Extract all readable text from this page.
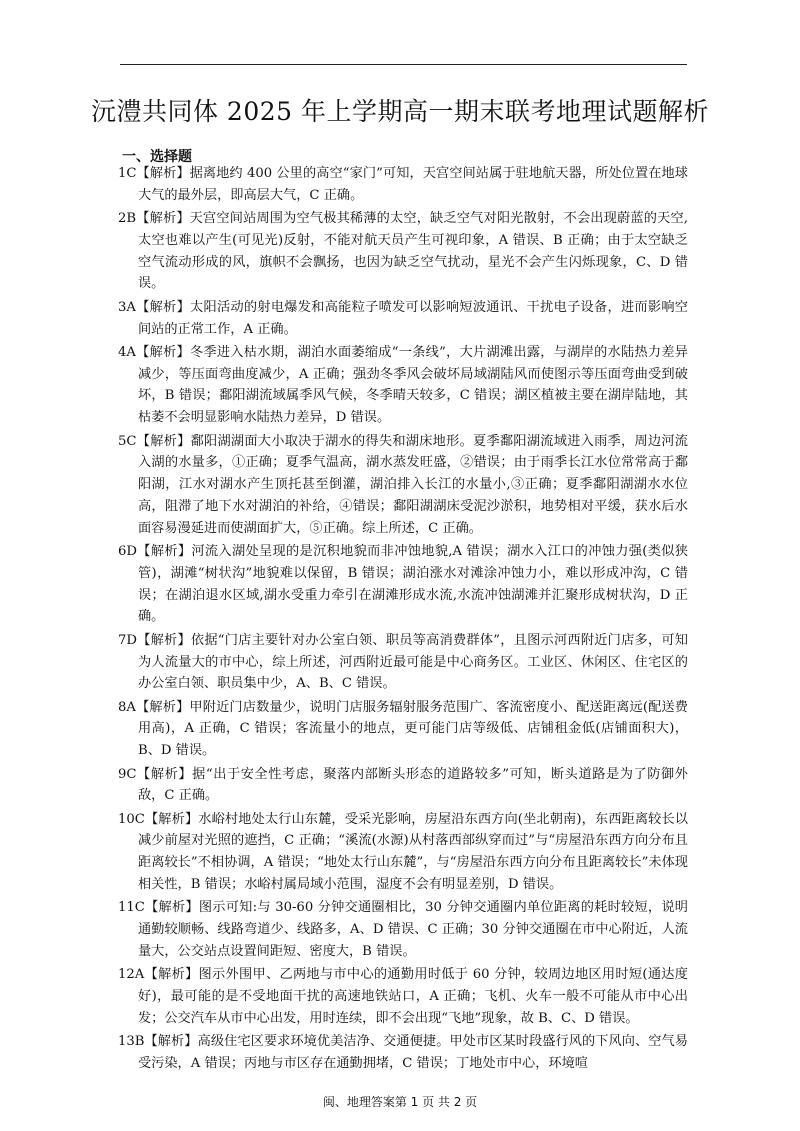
沅澧共同体 2025 年上学期高一期末联考地理试题解析
一、选择题

1C【解析】据离地约 400 公里的高空“家门”可知，天宫空间站属于驻地航天器，所处位置在地球大气的最外层，即高层大气，C 正确。

2B【解析】天宫空间站周围为空气极其稀薄的太空，缺乏空气对阳光散射，不会出现蔚蓝的天空,太空也难以产生(可见光)反射，不能对航天员产生可视印象，A 错误、B 正确；由于太空缺乏空气流动形成的风，旗帜不会飘扬，也因为缺乏空气扰动，星光不会产生闪烁现象，C、D 错误。

3A【解析】太阳活动的射电爆发和高能粒子喷发可以影响短波通讯、干扰电子设备，进而影响空间站的正常工作，A 正确。

4A【解析】冬季进入枯水期，湖泊水面萎缩成“一条线”，大片湖滩出露，与湖岸的水陆热力差异减少，等压面弯曲度减少，A 正确；强劲冬季风会破坏局域湖陆风而使图示等压面弯曲受到破坏，B 错误；鄱阳湖流域属季风气候，冬季晴天较多，C 错误；湖区植被主要在湖岸陆地，其枯萎不会明显影响水陆热力差异，D 错误。

5C【解析】鄱阳湖湖面大小取决于湖水的得失和湖床地形。夏季鄱阳湖流域进入雨季，周边河流入湖的水量多，①正确；夏季气温高，湖水蒸发旺盛，②错误；由于雨季长江水位常常高于鄱阳湖，江水对湖水产生顶托甚至倒灌，湖泊排入长江的水量小,③正确；夏季鄱阳湖湖水水位高，阻滞了地下水对湖泊的补给，④错误；鄱阳湖湖床受泥沙淤积，地势相对平缓，获水后水面容易漫延进而使湖面扩大，⑤正确。综上所述，C 正确。

6D【解析】河流入湖处呈现的是沉积地貌而非冲蚀地貌,A 错误；湖水入江口的冲蚀力强(类似狭管)，湖滩“树状沟”地貌难以保留，B 错误；湖泊涨水对滩涂冲蚀力小，难以形成冲沟，C 错误；在湖泊退水区域,湖水受重力牵引在湖滩形成水流,水流冲蚀湖滩并汇聚形成树状沟，D 正确。

7D【解析】依据“门店主要针对办公室白领、职员等高消费群体”，且图示河西附近门店多，可知为人流量大的市中心，综上所述，河西附近最可能是中心商务区。工业区、休闲区、住宅区的办公室白领、职员集中少，A、B、C 错误。

8A【解析】甲附近门店数量少，说明门店服务辐射服务范围广、客流密度小、配送距离远(配送费用高)，A 正确，C 错误；客流量小的地点，更可能门店等级低、店铺租金低(店铺面积大)，B、D 错误。

9C【解析】据“出于安全性考虑，聚落内部断头形态的道路较多”可知，断头道路是为了防御外敌，C 正确。

10C【解析】水峪村地处太行山东麓，受采光影响，房屋沿东西方向(坐北朝南)，东西距离较长以减少前屋对光照的遮挡，C 正确；“溪流(水源)从村落西部纵穿而过”与“房屋沿东西方向分布且距离较长”不相协调，A 错误；“地处太行山东麓”，与“房屋沿东西方向分布且距离较长”未体现相关性，B 错误；水峪村属局域小范围，湿度不会有明显差别，D 错误。

11C【解析】图示可知:与 30-60 分钟交通圈相比，30 分钟交通圈内单位距离的耗时较短，说明通勤较顺畅、线路弯道少、线路多，A、D 错误、C 正确；30 分钟交通圈在市中心附近，人流量大，公交站点设置间距短、密度大，B 错误。

12A【解析】图示外围甲、乙两地与市中心的通勤用时低于 60 分钟，较周边地区用时短(通达度好)，最可能的是不受地面干扰的高速地铁站口，A 正确；飞机、火车一般不可能从市中心出发；公交汽车从市中心出发，用时连续，即不会出现“飞地”现象，故 B、C、D 错误。

13B【解析】高级住宅区要求环境优美洁净、交通便捷。甲处市区某时段盛行风的下风向、空气易受污染，A 错误；丙地与市区存在通勤拥堵，C 错误；丁地处市中心，环境喧

闽、地理答案第 1 页 共 2 页
